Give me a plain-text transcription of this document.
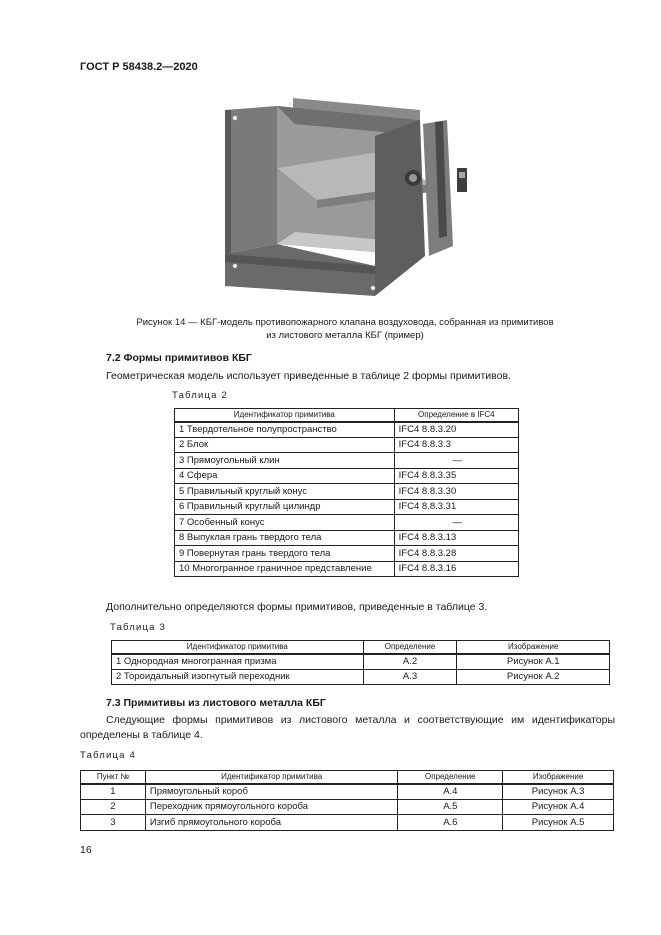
ГОСТ Р 58438.2—2020
Рисунок 14 — КБГ-модель противопожарного клапана воздуховода, собранная из примитивов
из листового металла КБГ (пример)
7.2 Формы примитивов КБГ
Геометрическая модель использует приведенные в таблице 2 формы примитивов.
Таблица 2
Идентификатор примитива	Определение в IFC4
1 Твердотельное полупространство	IFC4 8.8.3.20
2 Блок	IFC4 8.8.3.3
3 Прямоугольный клин	—
4 Сфера	IFC4 8.8.3.35
5 Правильный круглый конус	IFC4 8.8.3.30
6 Правильный круглый цилиндр	IFC4 8.8.3.31
7 Особенный конус	—
8 Выпуклая грань твердого тела	IFC4 8.8.3.13
9 Повернутая грань твердого тела	IFC4 8.8.3.28
10 Многогранное граничное представление	IFC4 8.8.3.16
Дополнительно определяются формы примитивов, приведенные в таблице 3.
Таблица 3
Идентификатор примитива	Определение	Изображение
1 Однородная многогранная призма	А.2	Рисунок А.1
2 Тороидальный изогнутый переходник	А.3	Рисунок А.2
7.3 Примитивы из листового металла КБГ
Следующие формы примитивов из листового металла и соответствующие им идентификаторы
определены в таблице 4.
Таблица 4
Пункт №	Идентификатор примитива	Определение	Изображение
1	Прямоугольный короб	А.4	Рисунок А.3
2	Переходник прямоугольного короба	А.5	Рисунок А.4
3	Изгиб прямоугольного короба	А.6	Рисунок А.5
16
